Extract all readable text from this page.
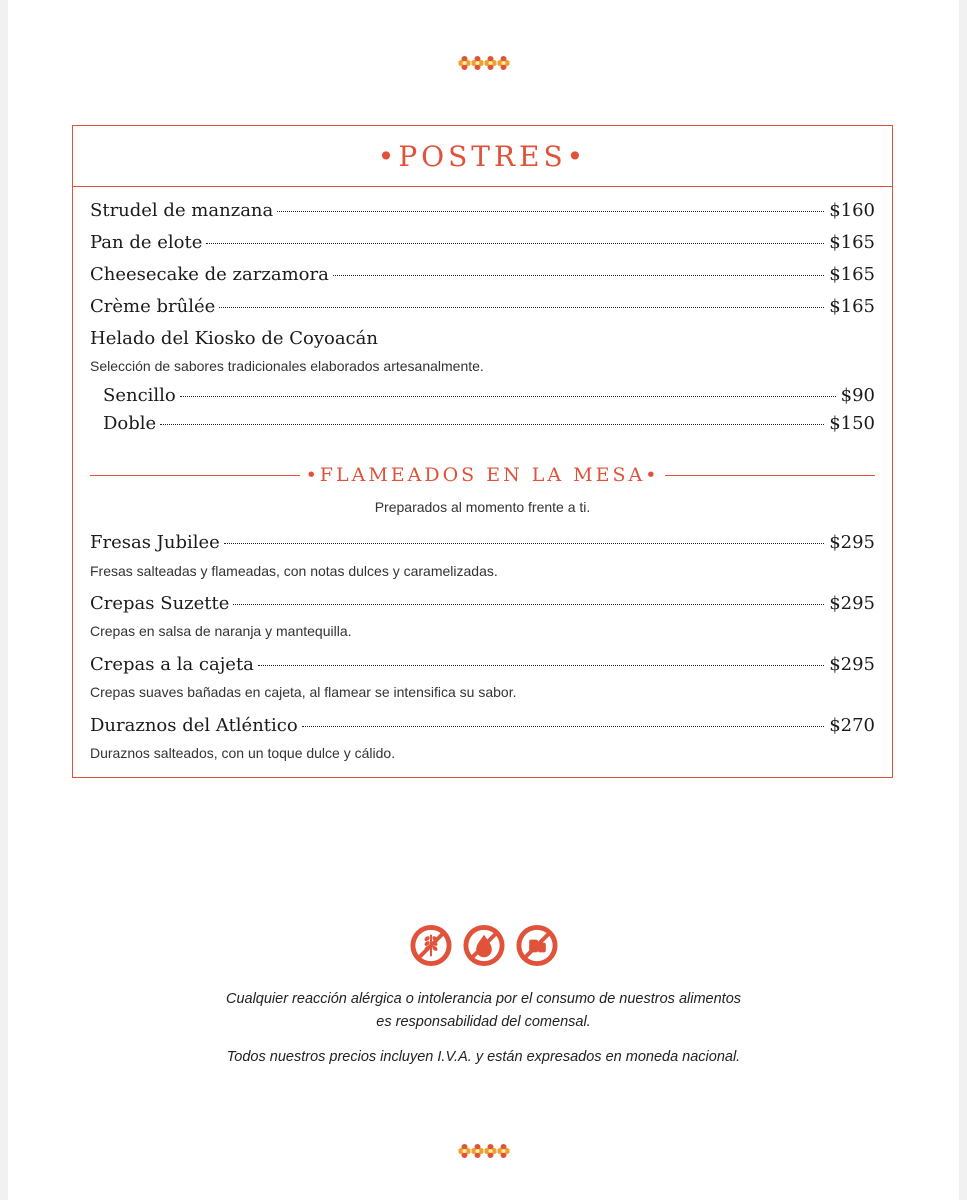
•POSTRES•
Strudel de manzana	$160
Pan de elote	$165
Cheesecake de zarzamora	$165
Crème brûlée	$165
Helado del Kiosko de Coyoacán
Selección de sabores tradicionales elaborados artesanalmente.
Sencillo	$90
Doble	$150
•FLAMEADOS EN LA MESA•
Preparados al momento frente a ti.
Fresas Jubilee	$295
Fresas salteadas y flameadas, con notas dulces y caramelizadas.
Crepas Suzette	$295
Crepas en salsa de naranja y mantequilla.
Crepas a la cajeta	$295
Crepas suaves bañadas en cajeta, al flamear se intensifica su sabor.
Duraznos del Atléntico	$270
Duraznos salteados, con un toque dulce y cálido.
Cualquier reacción alérgica o intolerancia por el consumo de nuestros alimentos
es responsabilidad del comensal.
Todos nuestros precios incluyen I.V.A. y están expresados en moneda nacional.
